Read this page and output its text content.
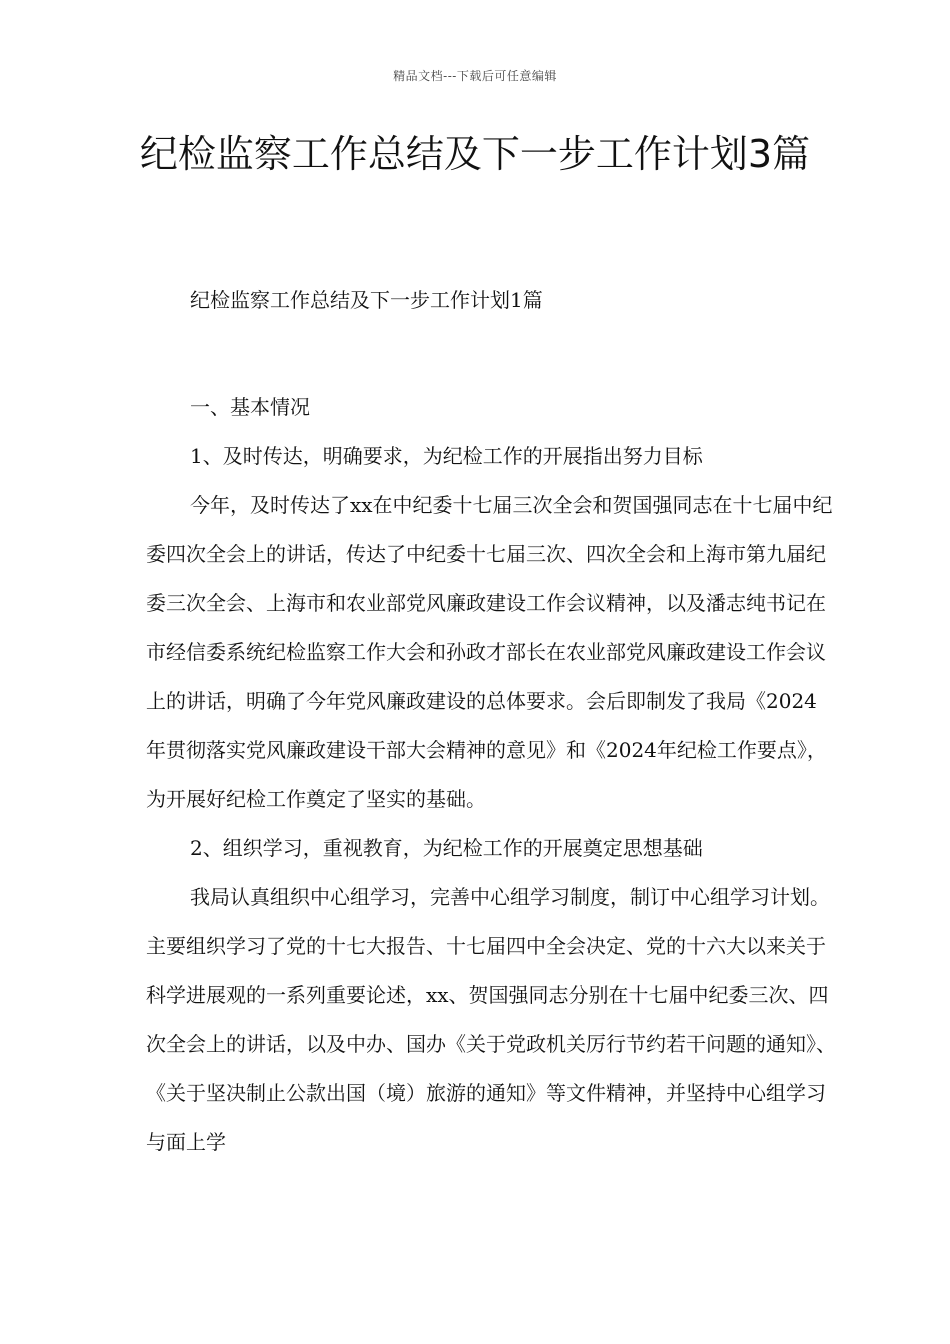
精品文档---下载后可任意编辑
纪检监察工作总结及下一步工作计划3篇

纪检监察工作总结及下一步工作计划1篇

一、基本情况

1、及时传达，明确要求，为纪检工作的开展指出努力目标

今年，及时传达了xx在中纪委十七届三次全会和贺国强同志在十七届中纪委四次全会上的讲话，传达了中纪委十七届三次、四次全会和上海市第九届纪委三次全会、上海市和农业部党风廉政建设工作会议精神，以及潘志纯书记在市经信委系统纪检监察工作大会和孙政才部长在农业部党风廉政建设工作会议上的讲话，明确了今年党风廉政建设的总体要求。会后即制发了我局《2024年贯彻落实党风廉政建设干部大会精神的意见》和《2024年纪检工作要点》，为开展好纪检工作奠定了坚实的基础。

2、组织学习，重视教育，为纪检工作的开展奠定思想基础

我局认真组织中心组学习，完善中心组学习制度，制订中心组学习计划。主要组织学习了党的十七大报告、十七届四中全会决定、党的十六大以来关于科学进展观的一系列重要论述，xx、贺国强同志分别在十七届中纪委三次、四次全会上的讲话，以及中办、国办《关于党政机关厉行节约若干问题的通知》、《关于坚决制止公款出国（境）旅游的通知》等文件精神，并坚持中心组学习与面上学
